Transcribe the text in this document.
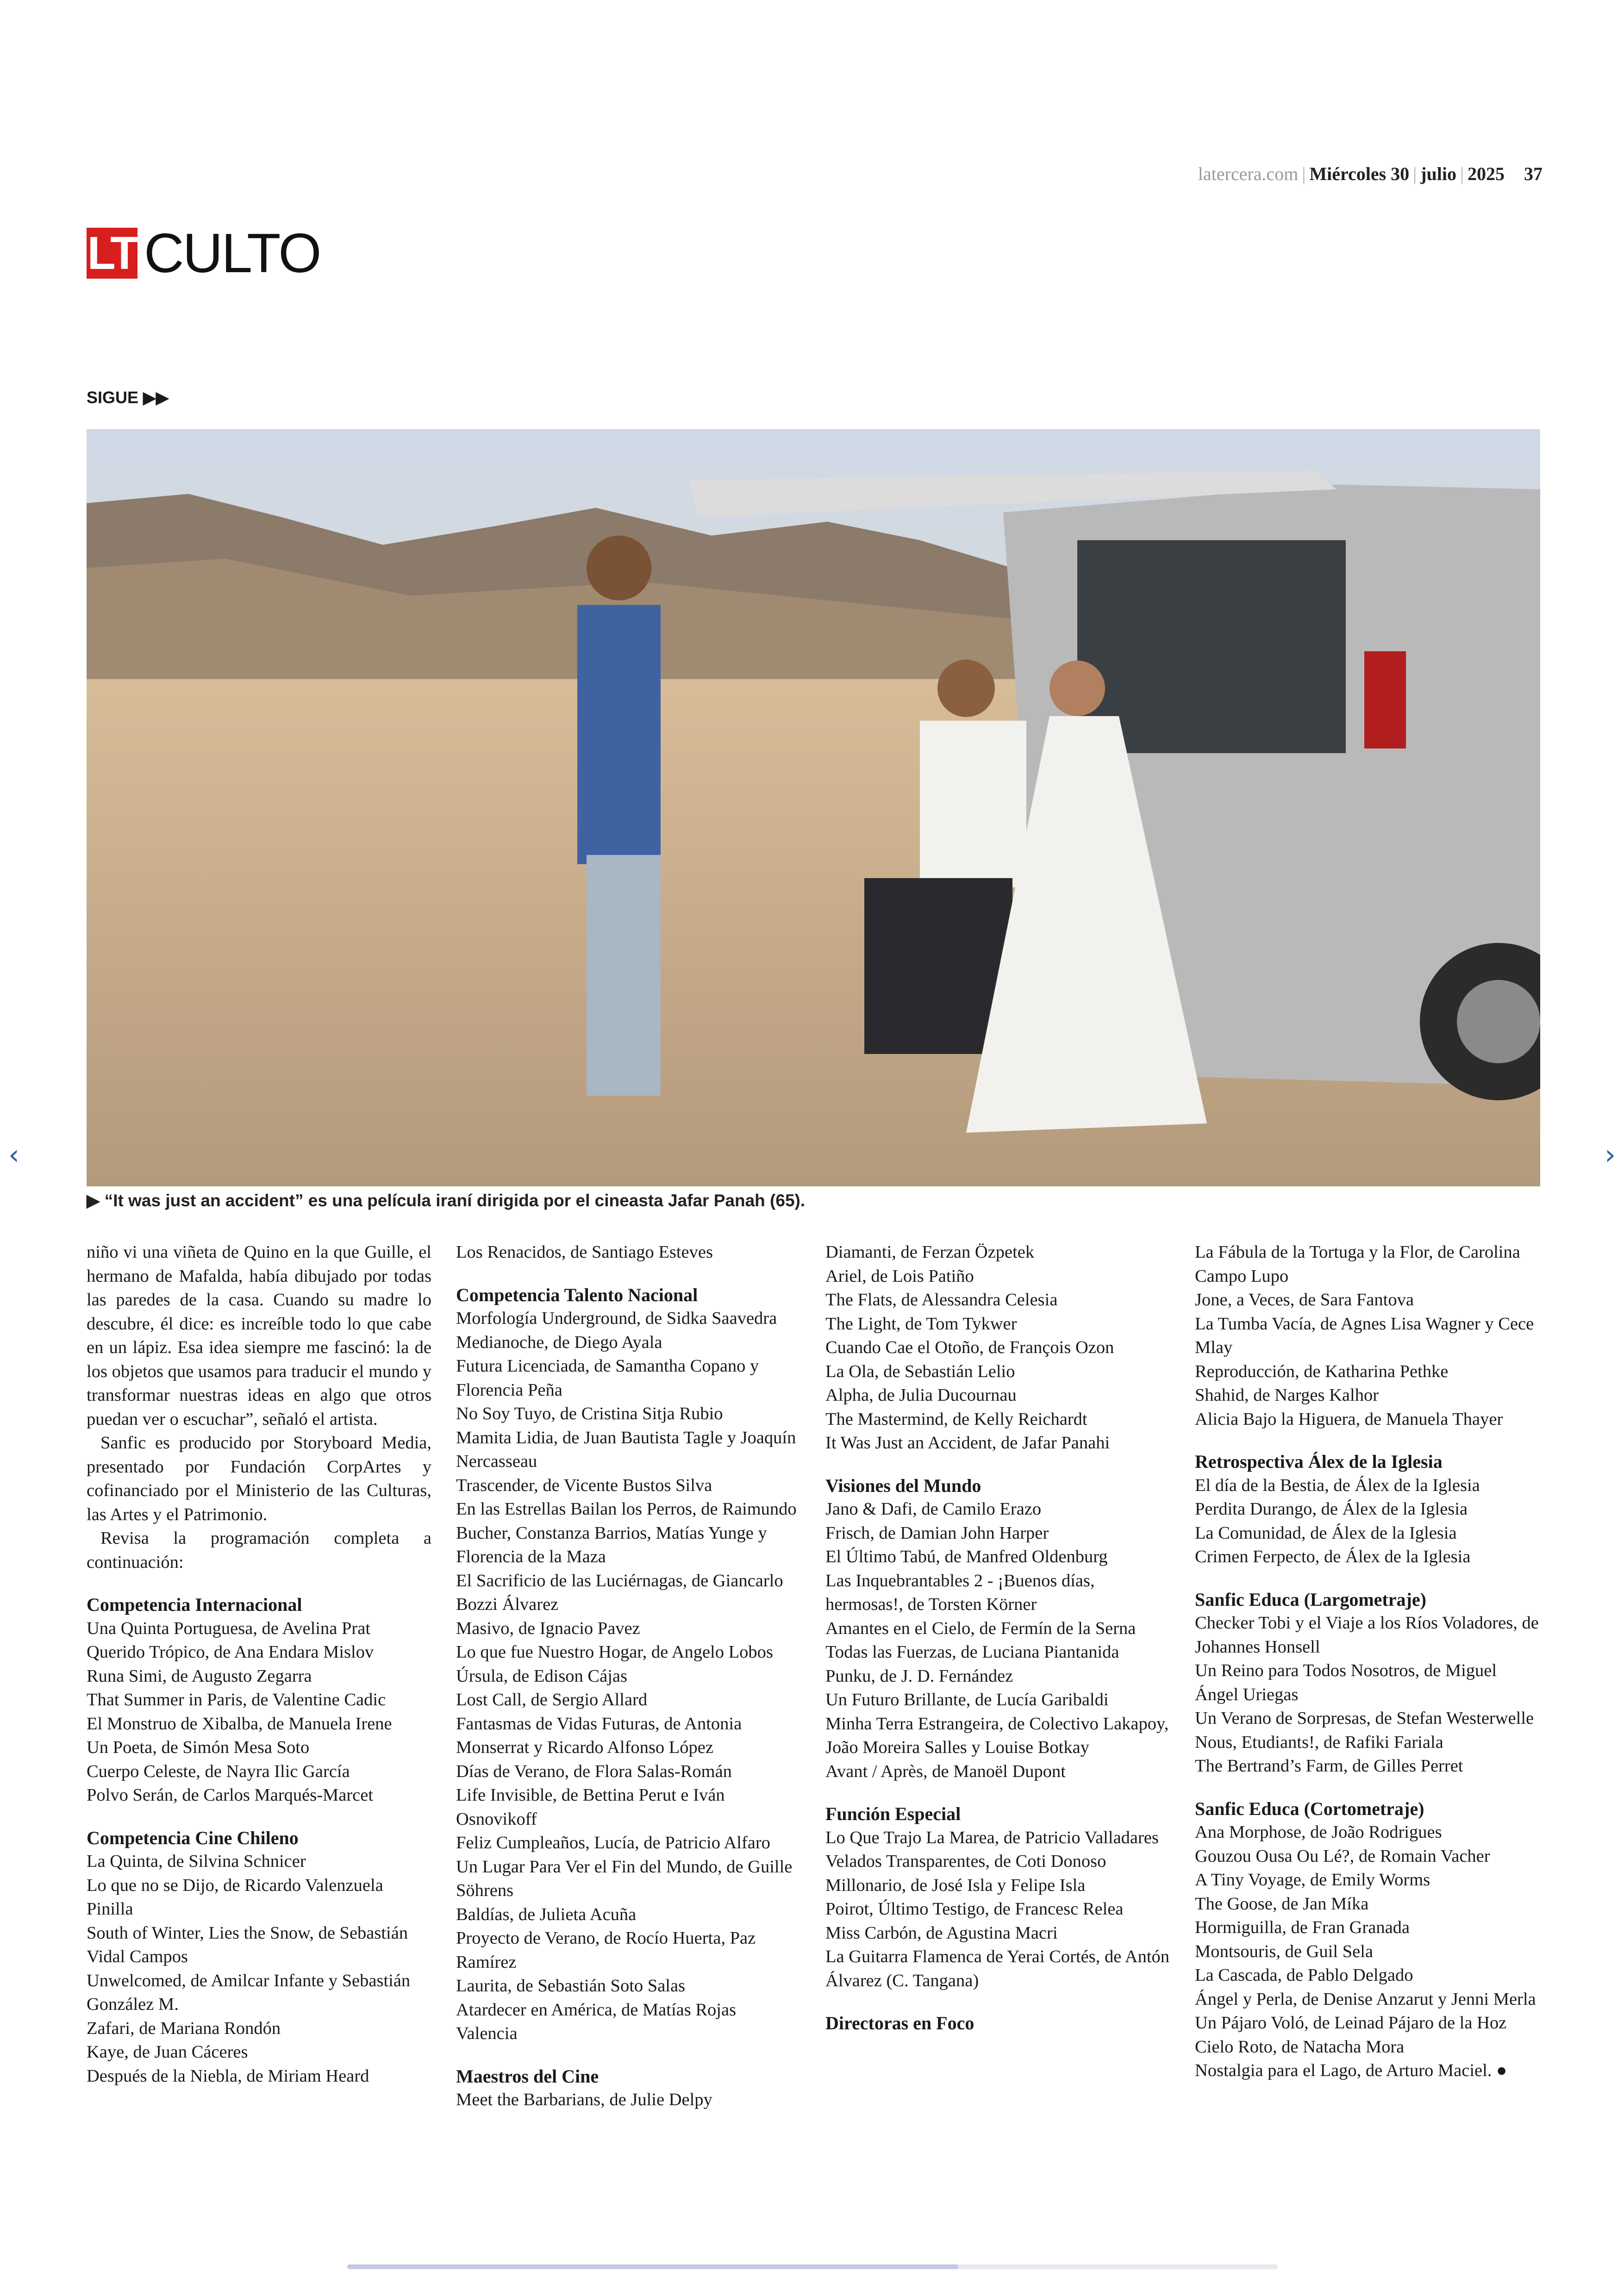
latercera.com | Miércoles 30 | julio | 2025 37
LT CULTO
SIGUE ▶▶
▶ “It was just an accident” es una película iraní dirigida por el cineasta Jafar Panah (65).
‹	›

niño vi una viñeta de Quino en la que Guille, el hermano de Mafalda, había dibujado por todas las paredes de la casa. Cuando su madre lo descubre, él dice: es increíble todo lo que cabe en un lápiz. Esa idea siempre me fascinó: la de los objetos que usamos para traducir el mundo y transformar nuestras ideas en algo que otros puedan ver o escuchar”, señaló el artista.

Sanfic es producido por Storyboard Media, presentado por Fundación CorpArtes y cofinanciado por el Ministerio de las Culturas, las Artes y el Patrimonio.

Revisa la programación completa a continuación:

Competencia Internacional
Una Quinta Portuguesa, de Avelina Prat
Querido Trópico, de Ana Endara Mislov
Runa Simi, de Augusto Zegarra
That Summer in Paris, de Valentine Cadic
El Monstruo de Xibalba, de Manuela Irene
Un Poeta, de Simón Mesa Soto
Cuerpo Celeste, de Nayra Ilic García
Polvo Serán, de Carlos Marqués-Marcet
Competencia Cine Chileno
La Quinta, de Silvina Schnicer
Lo que no se Dijo, de Ricardo Valenzuela Pinilla
South of Winter, Lies the Snow, de Sebastián Vidal Campos
Unwelcomed, de Amilcar Infante y Sebastián González M.
Zafari, de Mariana Rondón
Kaye, de Juan Cáceres
Después de la Niebla, de Miriam Heard
Los Renacidos, de Santiago Esteves
Competencia Talento Nacional
Morfología Underground, de Sidka Saavedra
Medianoche, de Diego Ayala
Futura Licenciada, de Samantha Copano y Florencia Peña
No Soy Tuyo, de Cristina Sitja Rubio
Mamita Lidia, de Juan Bautista Tagle y Joaquín Nercasseau
Trascender, de Vicente Bustos Silva
En las Estrellas Bailan los Perros, de Raimundo Bucher, Constanza Barrios, Matías Yunge y Florencia de la Maza
El Sacrificio de las Luciérnagas, de Giancarlo Bozzi Álvarez
Masivo, de Ignacio Pavez
Lo que fue Nuestro Hogar, de Angelo Lobos
Úrsula, de Edison Cájas
Lost Call, de Sergio Allard
Fantasmas de Vidas Futuras, de Antonia Monserrat y Ricardo Alfonso López
Días de Verano, de Flora Salas-Román
Life Invisible, de Bettina Perut e Iván Osnovikoff
Feliz Cumpleaños, Lucía, de Patricio Alfaro
Un Lugar Para Ver el Fin del Mundo, de Guille Söhrens
Baldías, de Julieta Acuña
Proyecto de Verano, de Rocío Huerta, Paz Ramírez
Laurita, de Sebastián Soto Salas
Atardecer en América, de Matías Rojas Valencia
Maestros del Cine
Meet the Barbarians, de Julie Delpy
Diamanti, de Ferzan Özpetek
Ariel, de Lois Patiño
The Flats, de Alessandra Celesia
The Light, de Tom Tykwer
Cuando Cae el Otoño, de François Ozon
La Ola, de Sebastián Lelio
Alpha, de Julia Ducournau
The Mastermind, de Kelly Reichardt
It Was Just an Accident, de Jafar Panahi
Visiones del Mundo
Jano & Dafi, de Camilo Erazo
Frisch, de Damian John Harper
El Último Tabú, de Manfred Oldenburg
Las Inquebrantables 2 - ¡Buenos días, hermosas!, de Torsten Körner
Amantes en el Cielo, de Fermín de la Serna
Todas las Fuerzas, de Luciana Piantanida
Punku, de J. D. Fernández
Un Futuro Brillante, de Lucía Garibaldi
Minha Terra Estrangeira, de Colectivo Lakapoy, João Moreira Salles y Louise Botkay
Avant / Après, de Manoël Dupont
Función Especial
Lo Que Trajo La Marea, de Patricio Valladares
Velados Transparentes, de Coti Donoso
Millonario, de José Isla y Felipe Isla
Poirot, Último Testigo, de Francesc Relea
Miss Carbón, de Agustina Macri
La Guitarra Flamenca de Yerai Cortés, de Antón Álvarez (C. Tangana)
Directoras en Foco
La Fábula de la Tortuga y la Flor, de Carolina Campo Lupo
Jone, a Veces, de Sara Fantova
La Tumba Vacía, de Agnes Lisa Wagner y Cece Mlay
Reproducción, de Katharina Pethke
Shahid, de Narges Kalhor
Alicia Bajo la Higuera, de Manuela Thayer
Retrospectiva Álex de la Iglesia
El día de la Bestia, de Álex de la Iglesia
Perdita Durango, de Álex de la Iglesia
La Comunidad, de Álex de la Iglesia
Crimen Ferpecto, de Álex de la Iglesia
Sanfic Educa (Largometraje)
Checker Tobi y el Viaje a los Ríos Voladores, de Johannes Honsell
Un Reino para Todos Nosotros, de Miguel Ángel Uriegas
Un Verano de Sorpresas, de Stefan Westerwelle
Nous, Etudiants!, de Rafiki Fariala
The Bertrand’s Farm, de Gilles Perret
Sanfic Educa (Cortometraje)
Ana Morphose, de João Rodrigues
Gouzou Ousa Ou Lé?, de Romain Vacher
A Tiny Voyage, de Emily Worms
The Goose, de Jan Míka
Hormiguilla, de Fran Granada
Montsouris, de Guil Sela
La Cascada, de Pablo Delgado
Ángel y Perla, de Denise Anzarut y Jenni Merla
Un Pájaro Voló, de Leinad Pájaro de la Hoz
Cielo Roto, de Natacha Mora
Nostalgia para el Lago, de Arturo Maciel. ●
